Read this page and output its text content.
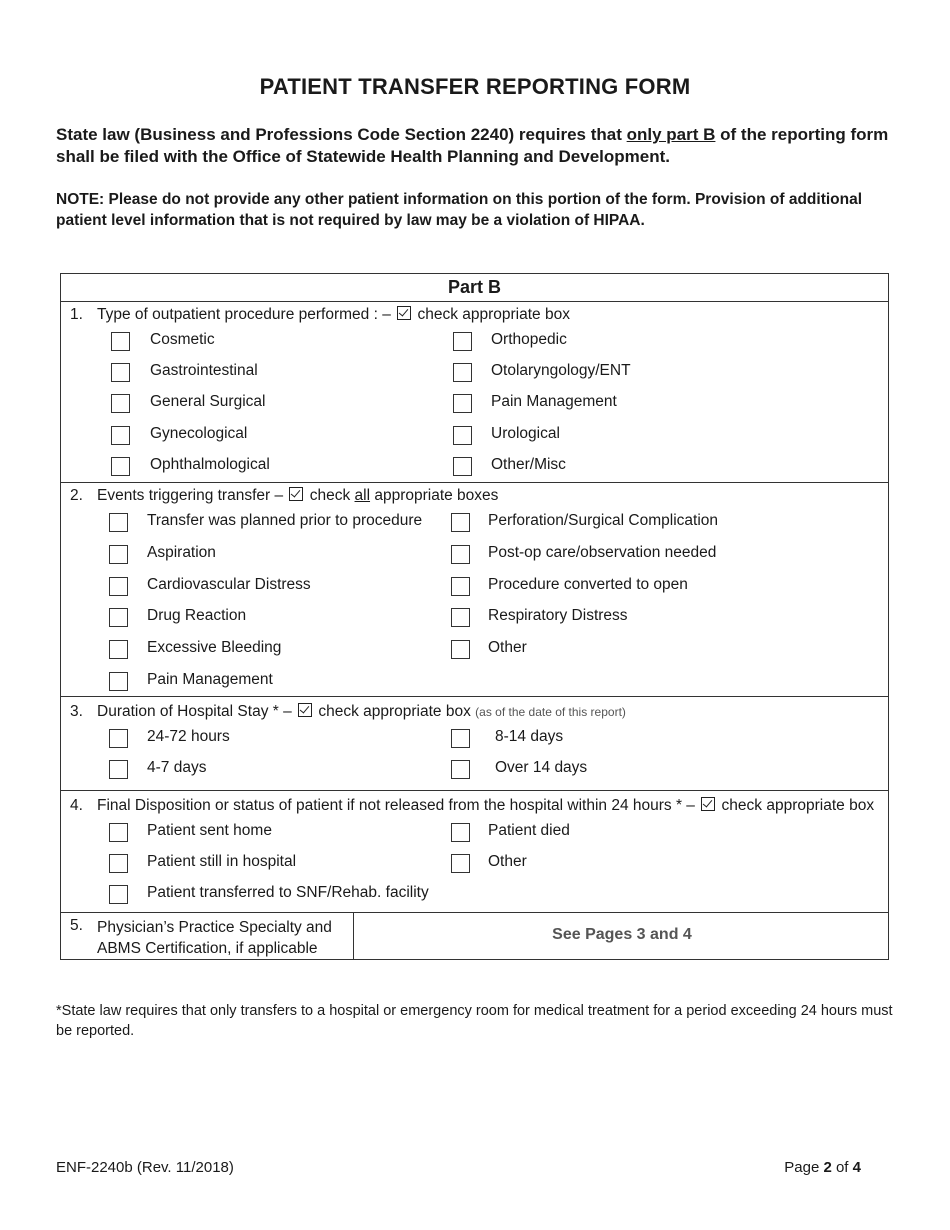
PATIENT TRANSFER REPORTING FORM
State law (Business and Professions Code Section 2240) requires that only part B of the reporting form shall be filed with the Office of Statewide Health Planning and Development.
NOTE: Please do not provide any other patient information on this portion of the form. Provision of additional patient level information that is not required by law may be a violation of HIPAA.
Part B
1. Type of outpatient procedure performed : –  check appropriate box
Cosmetic
Gastrointestinal
General Surgical
Gynecological
Ophthalmological
Orthopedic
Otolaryngology/ENT
Pain Management
Urological
Other/Misc
2. Events triggering transfer –  check all appropriate boxes
Transfer was planned prior to procedure
Aspiration
Cardiovascular Distress
Drug Reaction
Excessive Bleeding
Pain Management
Perforation/Surgical Complication
Post-op care/observation needed
Procedure converted to open
Respiratory Distress
Other
3. Duration of Hospital Stay * –  check appropriate box (as of the date of this report)
24-72 hours
4-7 days
8-14 days
Over 14 days
4. Final Disposition or status of patient if not released from the hospital within 24 hours * –  check appropriate box
Patient sent home
Patient still in hospital
Patient transferred to SNF/Rehab. facility
Patient died
Other
5. Physician’s Practice Specialty and
ABMS Certification, if applicable
See Pages 3 and 4
*State law requires that only transfers to a hospital or emergency room for medical treatment for a period exceeding 24 hours must be reported.
ENF-2240b (Rev. 11/2018)	Page 2 of 4
